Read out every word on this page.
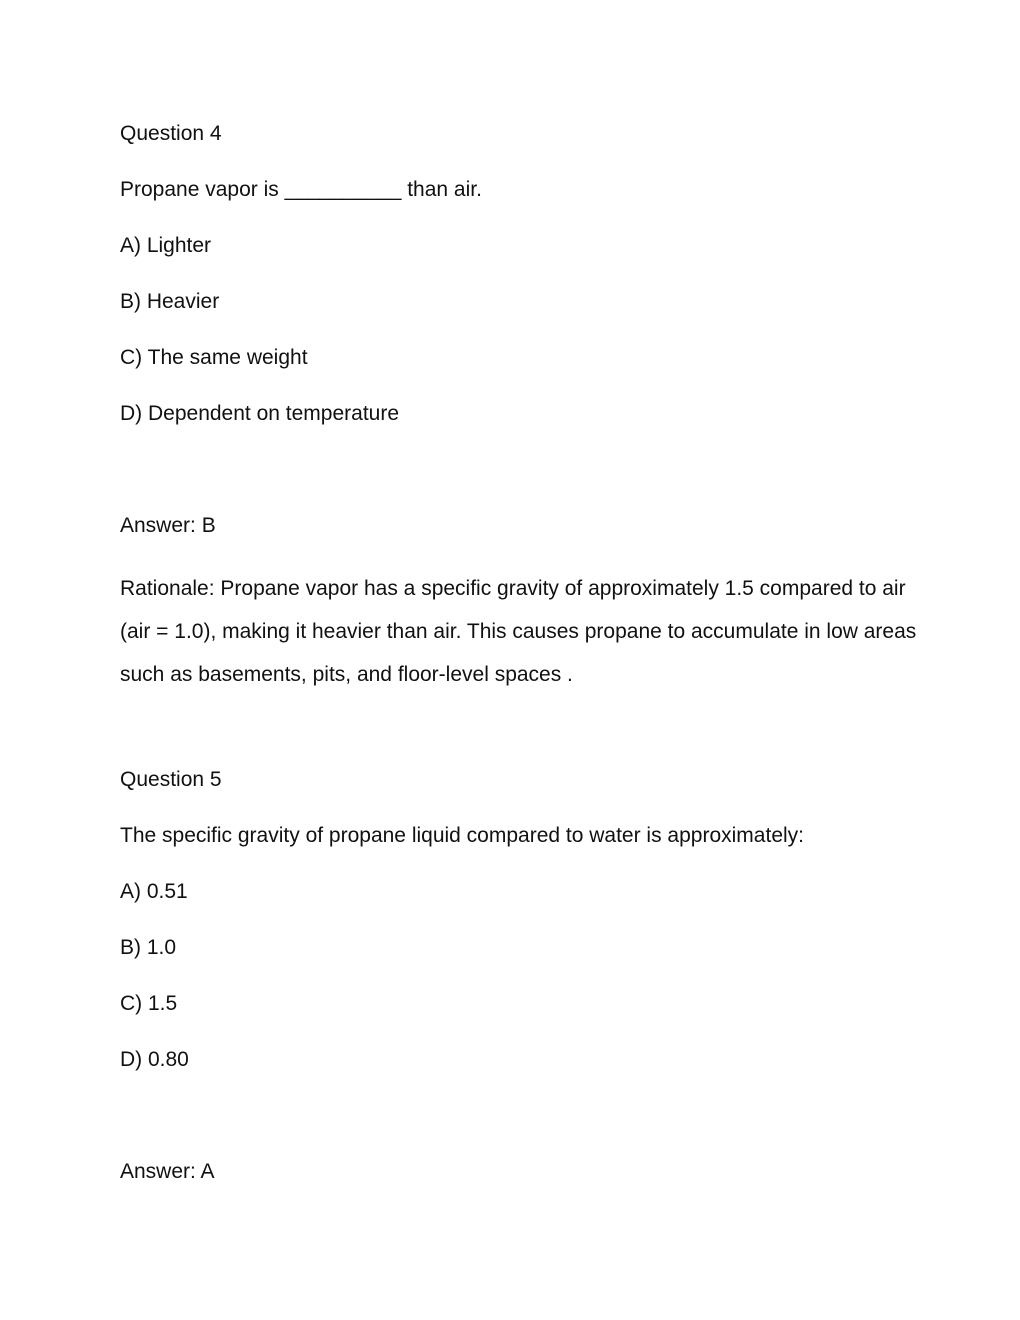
Question 4

Propane vapor is __________ than air.

A) Lighter

B) Heavier

C) The same weight

D) Dependent on temperature

Answer: B

Rationale: Propane vapor has a specific gravity of approximately 1.5 compared to air (air = 1.0), making it heavier than air. This causes propane to accumulate in low areas such as basements, pits, and floor-level spaces .

Question 5

The specific gravity of propane liquid compared to water is approximately:

A) 0.51

B) 1.0

C) 1.5

D) 0.80

Answer: A
